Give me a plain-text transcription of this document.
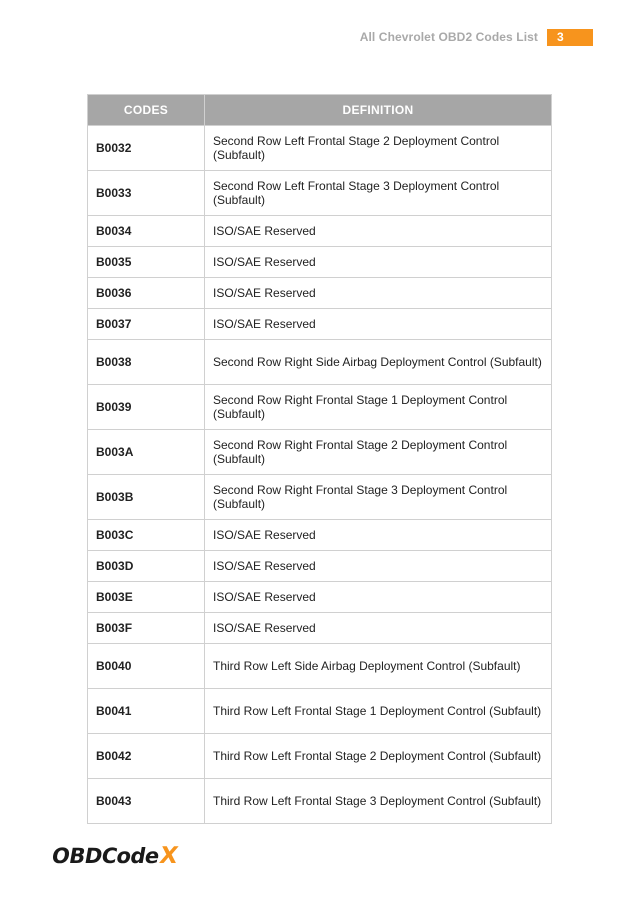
All Chevrolet OBD2 Codes List	3
CODES	DEFINITION
B0032	Second Row Left Frontal Stage 2 Deployment Control (Subfault)
B0033	Second Row Left Frontal Stage 3 Deployment Control (Subfault)
B0034	ISO/SAE Reserved
B0035	ISO/SAE Reserved
B0036	ISO/SAE Reserved
B0037	ISO/SAE Reserved
B0038	Second Row Right Side Airbag Deployment Control (Subfault)
B0039	Second Row Right Frontal Stage 1 Deployment Control (Subfault)
B003A	Second Row Right Frontal Stage 2 Deployment Control (Subfault)
B003B	Second Row Right Frontal Stage 3 Deployment Control (Subfault)
B003C	ISO/SAE Reserved
B003D	ISO/SAE Reserved
B003E	ISO/SAE Reserved
B003F	ISO/SAE Reserved
B0040	Third Row Left Side Airbag Deployment Control (Subfault)
B0041	Third Row Left Frontal Stage 1 Deployment Control (Subfault)
B0042	Third Row Left Frontal Stage 2 Deployment Control (Subfault)
B0043	Third Row Left Frontal Stage 3 Deployment Control (Subfault)
OBDCode
X
